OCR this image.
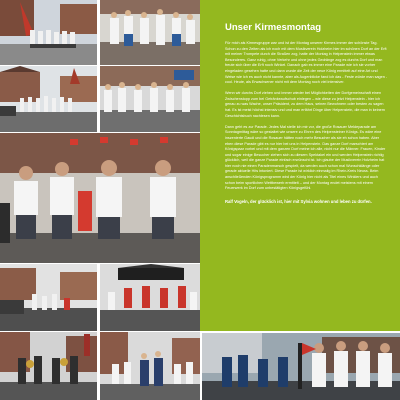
Unser Kirmesmontag

Für mich als Kirmesgruppe war und ist der Montag unserer Kirmes immer der schönste Tag. Schon zu den Zeiten als ich noch mit dem Musikverein Holzheim hier im schönen Dorf an der Erft mit meiner Trompete durch die Straßen zog, hatte der Montag in Helpenstein immer etwas Besonderes. Ganz ruhig, ohne Verkehr und ohne jedes Gedränge zog es durchs Dorf und man freute sich über die Erft noch Winkel. Danach gab es immer eine Parade wie ich sie vorher eingeladen gesehen hatte und dann wurde die Zeit der neue König ermittelt auf eine Art und Weise wie ich es auch nicht kannte, aber als Augenblicke fand ich das - Feste würde man sagen - cool. Heute, als Erwachsener nicht mit dem Montag noch viel intensiver.

Wenn wir durchs Dorf ziehen und immer wieder bei Möglichkeiten der Dorfgemeinschaft einen Zwischenstopp zum bei Getränkeaufschub einlegen – wie diese zu jetzt Helpenstein - hier ich genau zu was Wache, unser Präsident, zu dem Haus, seinen Bewohnern oder besten zu sagen hat. Es ist meist höchst intensiv und und man erfährt Dinge über Helpenstein, die man in keinem Geschichtsbuch nachlesen kann.

Dann geht es zur Parade. Jedes Mal stelle ich mir vor, die große Rosauer Meldeparade am Sonntagmittag wäre so gestaltet wie unsere zu Ehren des Helpensteiner Königs. Es wäre eine inszenierte Gaudi und die Rosauer hätten noch mehr Besucher als sie eh schon haben. Aber eben diese Parade gibt es nur hier bei uns in Helpenstein. Das ganze Dorf marschiert am Königspaar vorbei und mit dem ganzen Dorf meine ich alle, nicht nur die Männer. Frauen, Kinder und sogar einige Besucher ziehen sich zu diesem Spektakel ein und werden Helpenstein richtig glücklich, weil die ganze Parade einfach erwünscht ist. Ich glaube der Musikverein Holzheim hat hier noch nie einen Paradenmarsch gespielt, da werden auch schon mal Wunschklänge oder gerade aktuelle Hits intoniert. Diese Parade ist wirklich einmalig im Rhein-Kreis Neuss. Beim anschließenden Königsprogramm wird der König hier nicht als Titel eines Winklers und auch schon beim sportlichen Wettbewerb ermittelt – und der Montag endet meistens mit einem Feuerwerk im Dorf zum unbestätigten Königsgefühl.

Ralf Vogeln, der glücklich ist, hier mit Sylvia wohnen und leben zu dürfen.
